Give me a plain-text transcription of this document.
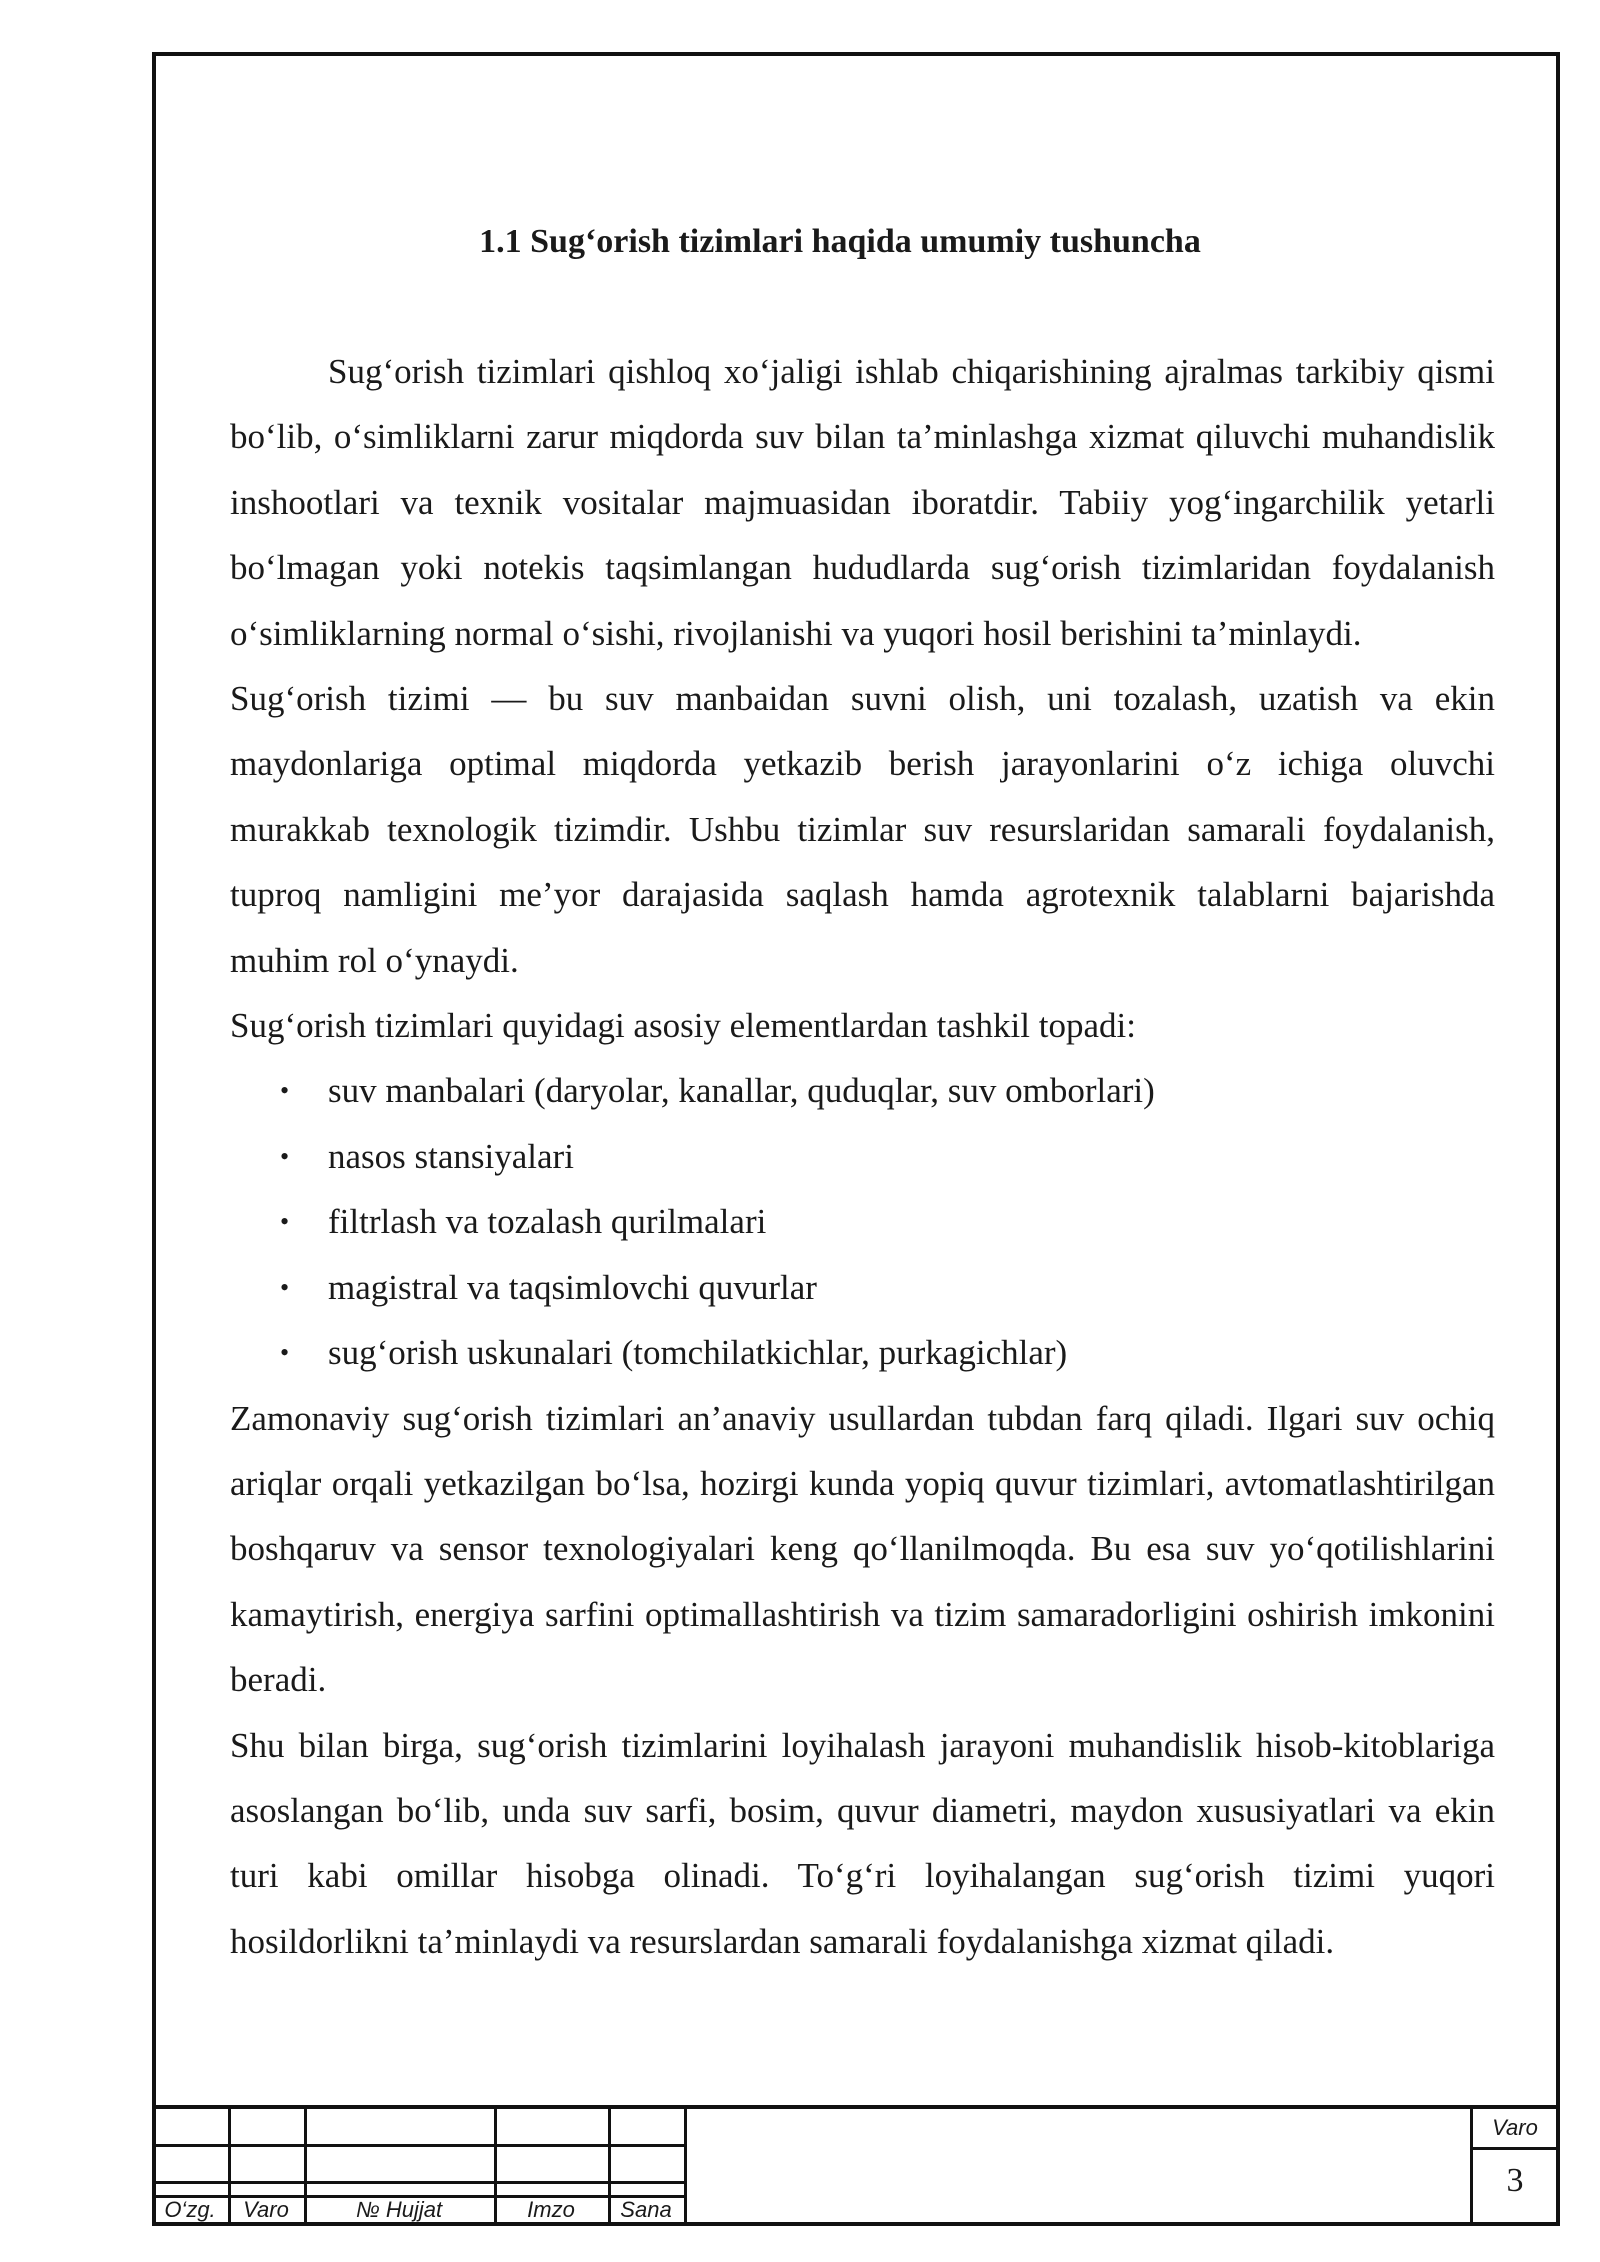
1.1 Sug‘orish tizimlari haqida umumiy tushuncha

Sug‘orish tizimlari qishloq xo‘jaligi ishlab chiqarishining ajralmas tarkibiy qismi bo‘lib, o‘simliklarni zarur miqdorda suv bilan ta’minlashga xizmat qiluvchi muhandislik inshootlari va texnik vositalar majmuasidan iboratdir. Tabiiy yog‘ingarchilik yetarli bo‘lmagan yoki notekis taqsimlangan hududlarda sug‘orish tizimlaridan foydalanish o‘simliklarning normal o‘sishi, rivojlanishi va yuqori hosil berishini ta’minlaydi.

Sug‘orish tizimi — bu suv manbaidan suvni olish, uni tozalash, uzatish va ekin maydonlariga optimal miqdorda yetkazib berish jarayonlarini o‘z ichiga oluvchi murakkab texnologik tizimdir. Ushbu tizimlar suv resurslaridan samarali foydalanish, tuproq namligini me’yor darajasida saqlash hamda agrotexnik talablarni bajarishda muhim rol o‘ynaydi.

Sug‘orish tizimlari quyidagi asosiy elementlardan tashkil topadi:

• suv manbalari (daryolar, kanallar, quduqlar, suv omborlari)
• nasos stansiyalari
• filtrlash va tozalash qurilmalari
• magistral va taqsimlovchi quvurlar
• sug‘orish uskunalari (tomchilatkichlar, purkagichlar)

Zamonaviy sug‘orish tizimlari an’anaviy usullardan tubdan farq qiladi. Ilgari suv ochiq ariqlar orqali yetkazilgan bo‘lsa, hozirgi kunda yopiq quvur tizimlari, avtomatlashtirilgan boshqaruv va sensor texnologiyalari keng qo‘llanilmoqda. Bu esa suv yo‘qotilishlarini kamaytirish, energiya sarfini optimallashtirish va tizim samaradorligini oshirish imkonini beradi.

Shu bilan birga, sug‘orish tizimlarini loyihalash jarayoni muhandislik hisob-kitoblariga asoslangan bo‘lib, unda suv sarfi, bosim, quvur diametri, maydon xususiyatlari va ekin turi kabi omillar hisobga olinadi. To‘g‘ri loyihalangan sug‘orish tizimi yuqori hosildorlikni ta’minlaydi va resurslardan samarali foydalanishga xizmat qiladi.

O‘zg.	Varo	№ Hujjat	Imzo	Sana
Varo
3
